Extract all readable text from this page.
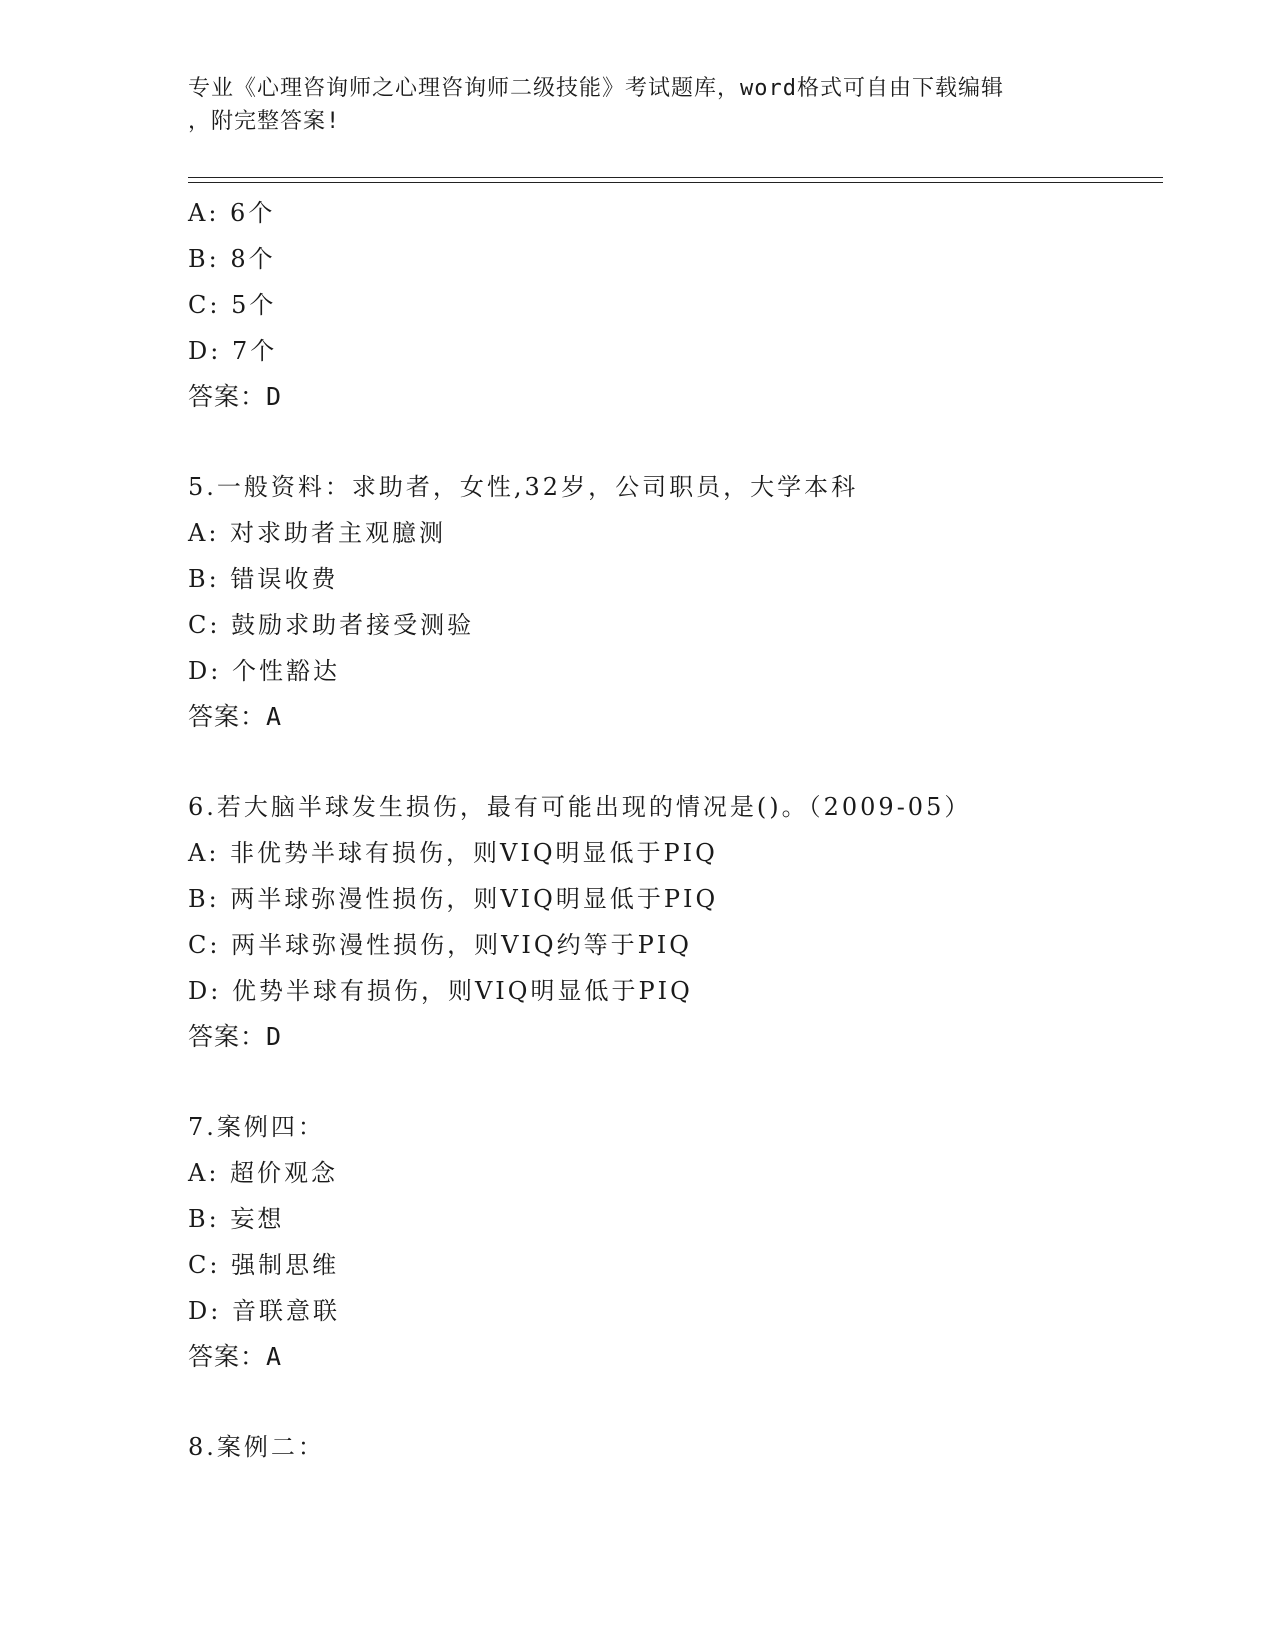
专业《心理咨询师之心理咨询师二级技能》考试题库，word格式可自由下载编辑
，附完整答案!
A: 6个
B: 8个
C: 5个
D: 7个
答案：D
5.一般资料：求助者，女性,32岁，公司职员，大学本科
A: 对求助者主观臆测
B: 错误收费
C: 鼓励求助者接受测验
D: 个性豁达
答案：A
6.若大脑半球发生损伤，最有可能出现的情况是()。（2009-05）
A: 非优势半球有损伤，则VIQ明显低于PIQ
B: 两半球弥漫性损伤，则VIQ明显低于PIQ
C: 两半球弥漫性损伤，则VIQ约等于PIQ
D: 优势半球有损伤，则VIQ明显低于PIQ
答案：D
7.案例四：
A: 超价观念
B: 妄想
C: 强制思维
D: 音联意联
答案：A
8.案例二：
